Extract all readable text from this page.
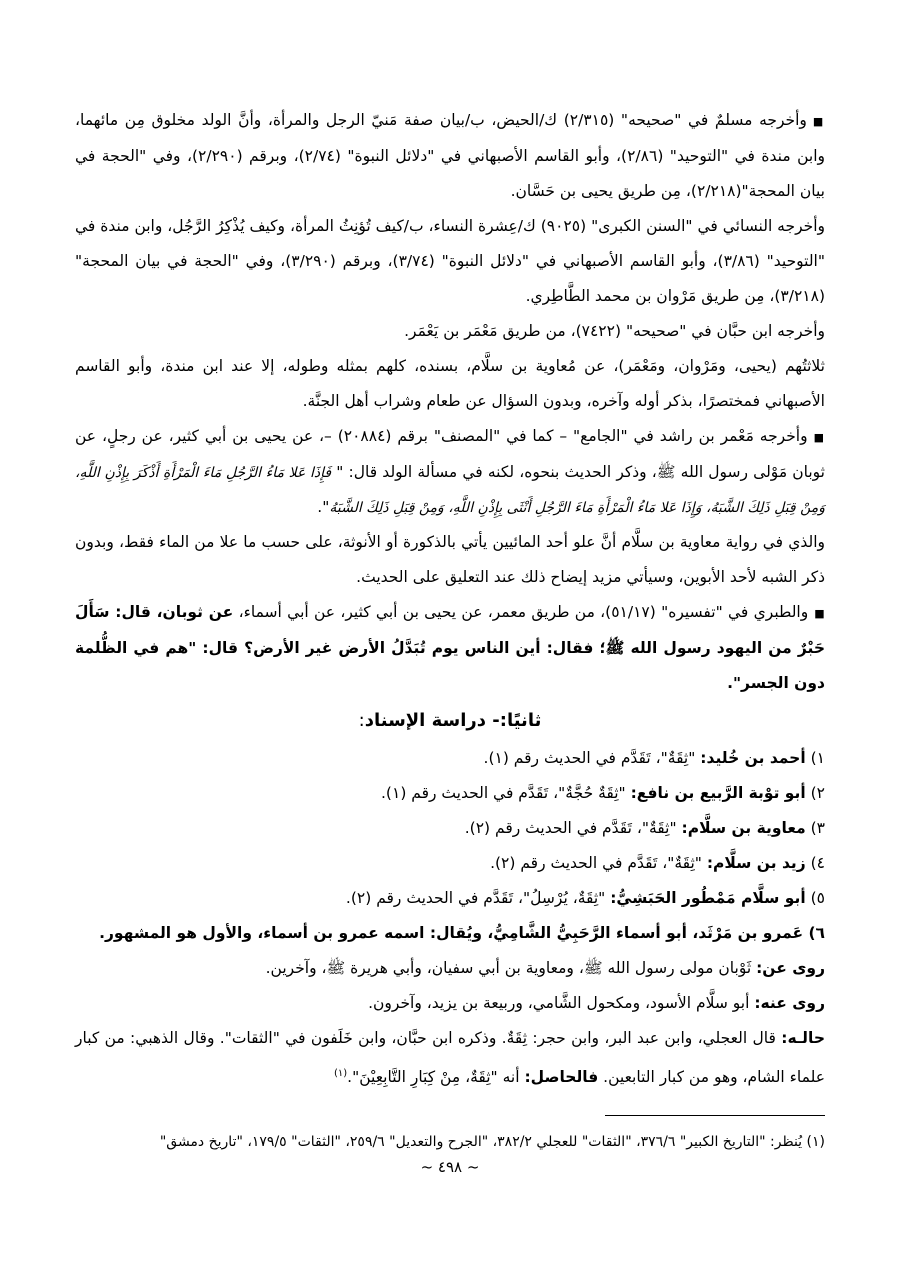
■وأخرجه مسلمٌ في "صحيحه" (٢/٣١٥) ك/الحيض، ب/بيان صفة مَنيّ الرجل والمرأة، وأنَّ الولد مخلوق مِن مائهما، وابن مندة في "التوحيد" (٢/٨٦)، وأبو القاسم الأصبهاني في "دلائل النبوة" (٢/٧٤)، وبرقم (٢/٢٩٠)، وفي "الحجة في بيان المحجة"(٢/٢١٨)، مِن طريق يحيى بن حَسَّان.

وأخرجه النسائي في "السنن الكبرى" (٩٠٢٥) ك/عِشرة النساء، ب/كيف تُؤنِثُ المرأة، وكيف يُذْكِرُ الرَّجُل، وابن مندة في "التوحيد" (٣/٨٦)، وأبو القاسم الأصبهاني في "دلائل النبوة" (٣/٧٤)، وبرقم (٣/٢٩٠)، وفي "الحجة في بيان المحجة"(٣/٢١٨)، مِن طريق مَرْوان بن محمد الطَّاطِري.

وأخرجه ابن حبَّان في "صحيحه" (٧٤٢٢)، من طريق مَعْمَر بن يَعْمَر.

ثلاثتُهم (يحيى، ومَرْوان، ومَعْمَر)، عن مُعاوية بن سلَّام، بسنده، كلهم بمثله وطوله، إلا عند ابن مندة، وأبو القاسم الأصبهاني فمختصرًا، بذكر أوله وآخره، وبدون السؤال عن طعام وشراب أهل الجنَّة.

■وأخرجه مَعْمر بن راشد في "الجامع" – كما في "المصنف" برقم (٢٠٨٨٤) –، عن يحيى بن أبي كثير، عن رجلٍ، عن ثوبان مَوْلى رسول الله ﷺ، وذكر الحديث بنحوه، لكنه في مسألة الولد قال: " فَإِذَا عَلا مَاءُ الرَّجُلِ مَاءَ الْمَرْأَةِ أَذْكَرَ بِإِذْنِ اللَّهِ، وَمِنْ قِبَلِ ذَلِكَ الشَّبَهُ، وَإِذَا عَلا مَاءُ الْمَرْأَةِ مَاءَ الرَّجُلِ أَنْثَى بِإِذْنِ اللَّهِ، وَمِنْ قِبَلِ ذَلِكَ الشَّبَهُ".

والذي في رواية معاوية بن سلَّام أنَّ علو أحد المائيين يأتي بالذكورة أو الأنوثة، على حسب ما علا من الماء فقط، وبدون ذكر الشبه لأحد الأبوين، وسيأتي مزيد إيضاح ذلك عند التعليق على الحديث.

■والطبري في "تفسيره" (٥١/١٧)، من طريق معمر، عن يحيى بن أبي كثير، عن أبي أسماء، عن ثوبان، قال: سَأَلَ حَبْرٌ من اليهود رسول الله ﷺ؛ فقال: أين الناس يوم تُبَدَّلُ الأرض غير الأرض؟ قال: "هم في الظُّلمة دون الجسر".

ثانيًا:- دراسة الإسناد:

١) أحمد بن خُليد: "ثِقَةٌ"، تَقَدَّم في الحديث رقم (١).

٢) أبو توْبة الرَّبيع بن نافع: "ثِقَةٌ حُجَّةٌ"، تَقَدَّم في الحديث رقم (١).

٣) معاوية بن سلَّام: "ثِقَةٌ"، تَقَدَّم في الحديث رقم (٢).

٤) زيد بن سلَّام: "ثِقَةٌ"، تَقَدَّم في الحديث رقم (٢).

٥) أبو سلَّام مَمْطُور الحَبَشِيُّ: "ثِقَةٌ، يُرْسِلُ"، تَقَدَّم في الحديث رقم (٢).

٦) عَمرو بن مَرْثَد، أبو أسماء الرَّحَبِيُّ الشَّامِيُّ، ويُقال: اسمه عمرو بن أسماء، والأول هو المشهور.

روى عن: ثَوْبان مولى رسول الله ﷺ، ومعاوية بن أبي سفيان، وأبي هريرة ﷺ، وآخرين.

روى عنه: أبو سلَّام الأسود، ومكحول الشَّامي، وربيعة بن يزيد، وآخرون.

حالـه: قال العجلي، وابن عبد البر، وابن حجر: ثِقَةٌ. وذكره ابن حبَّان، وابن خَلَفون في "الثقات". وقال الذهبي: من كبار علماء الشام، وهو من كبار التابعين. فالحاصل: أنه "ثِقَةٌ، مِنْ كِبَارِ التَّابِعِيْنَ".$^{(١)}$

(١) يُنظر: "التاريخ الكبير" ٣٧٦/٦، "الثقات" للعجلي ٣٨٢/٢، "الجرح والتعديل" ٢٥٩/٦، "الثقات" ١٧٩/٥، "تاريخ دمشق"
~ ٤٩٨ ~
